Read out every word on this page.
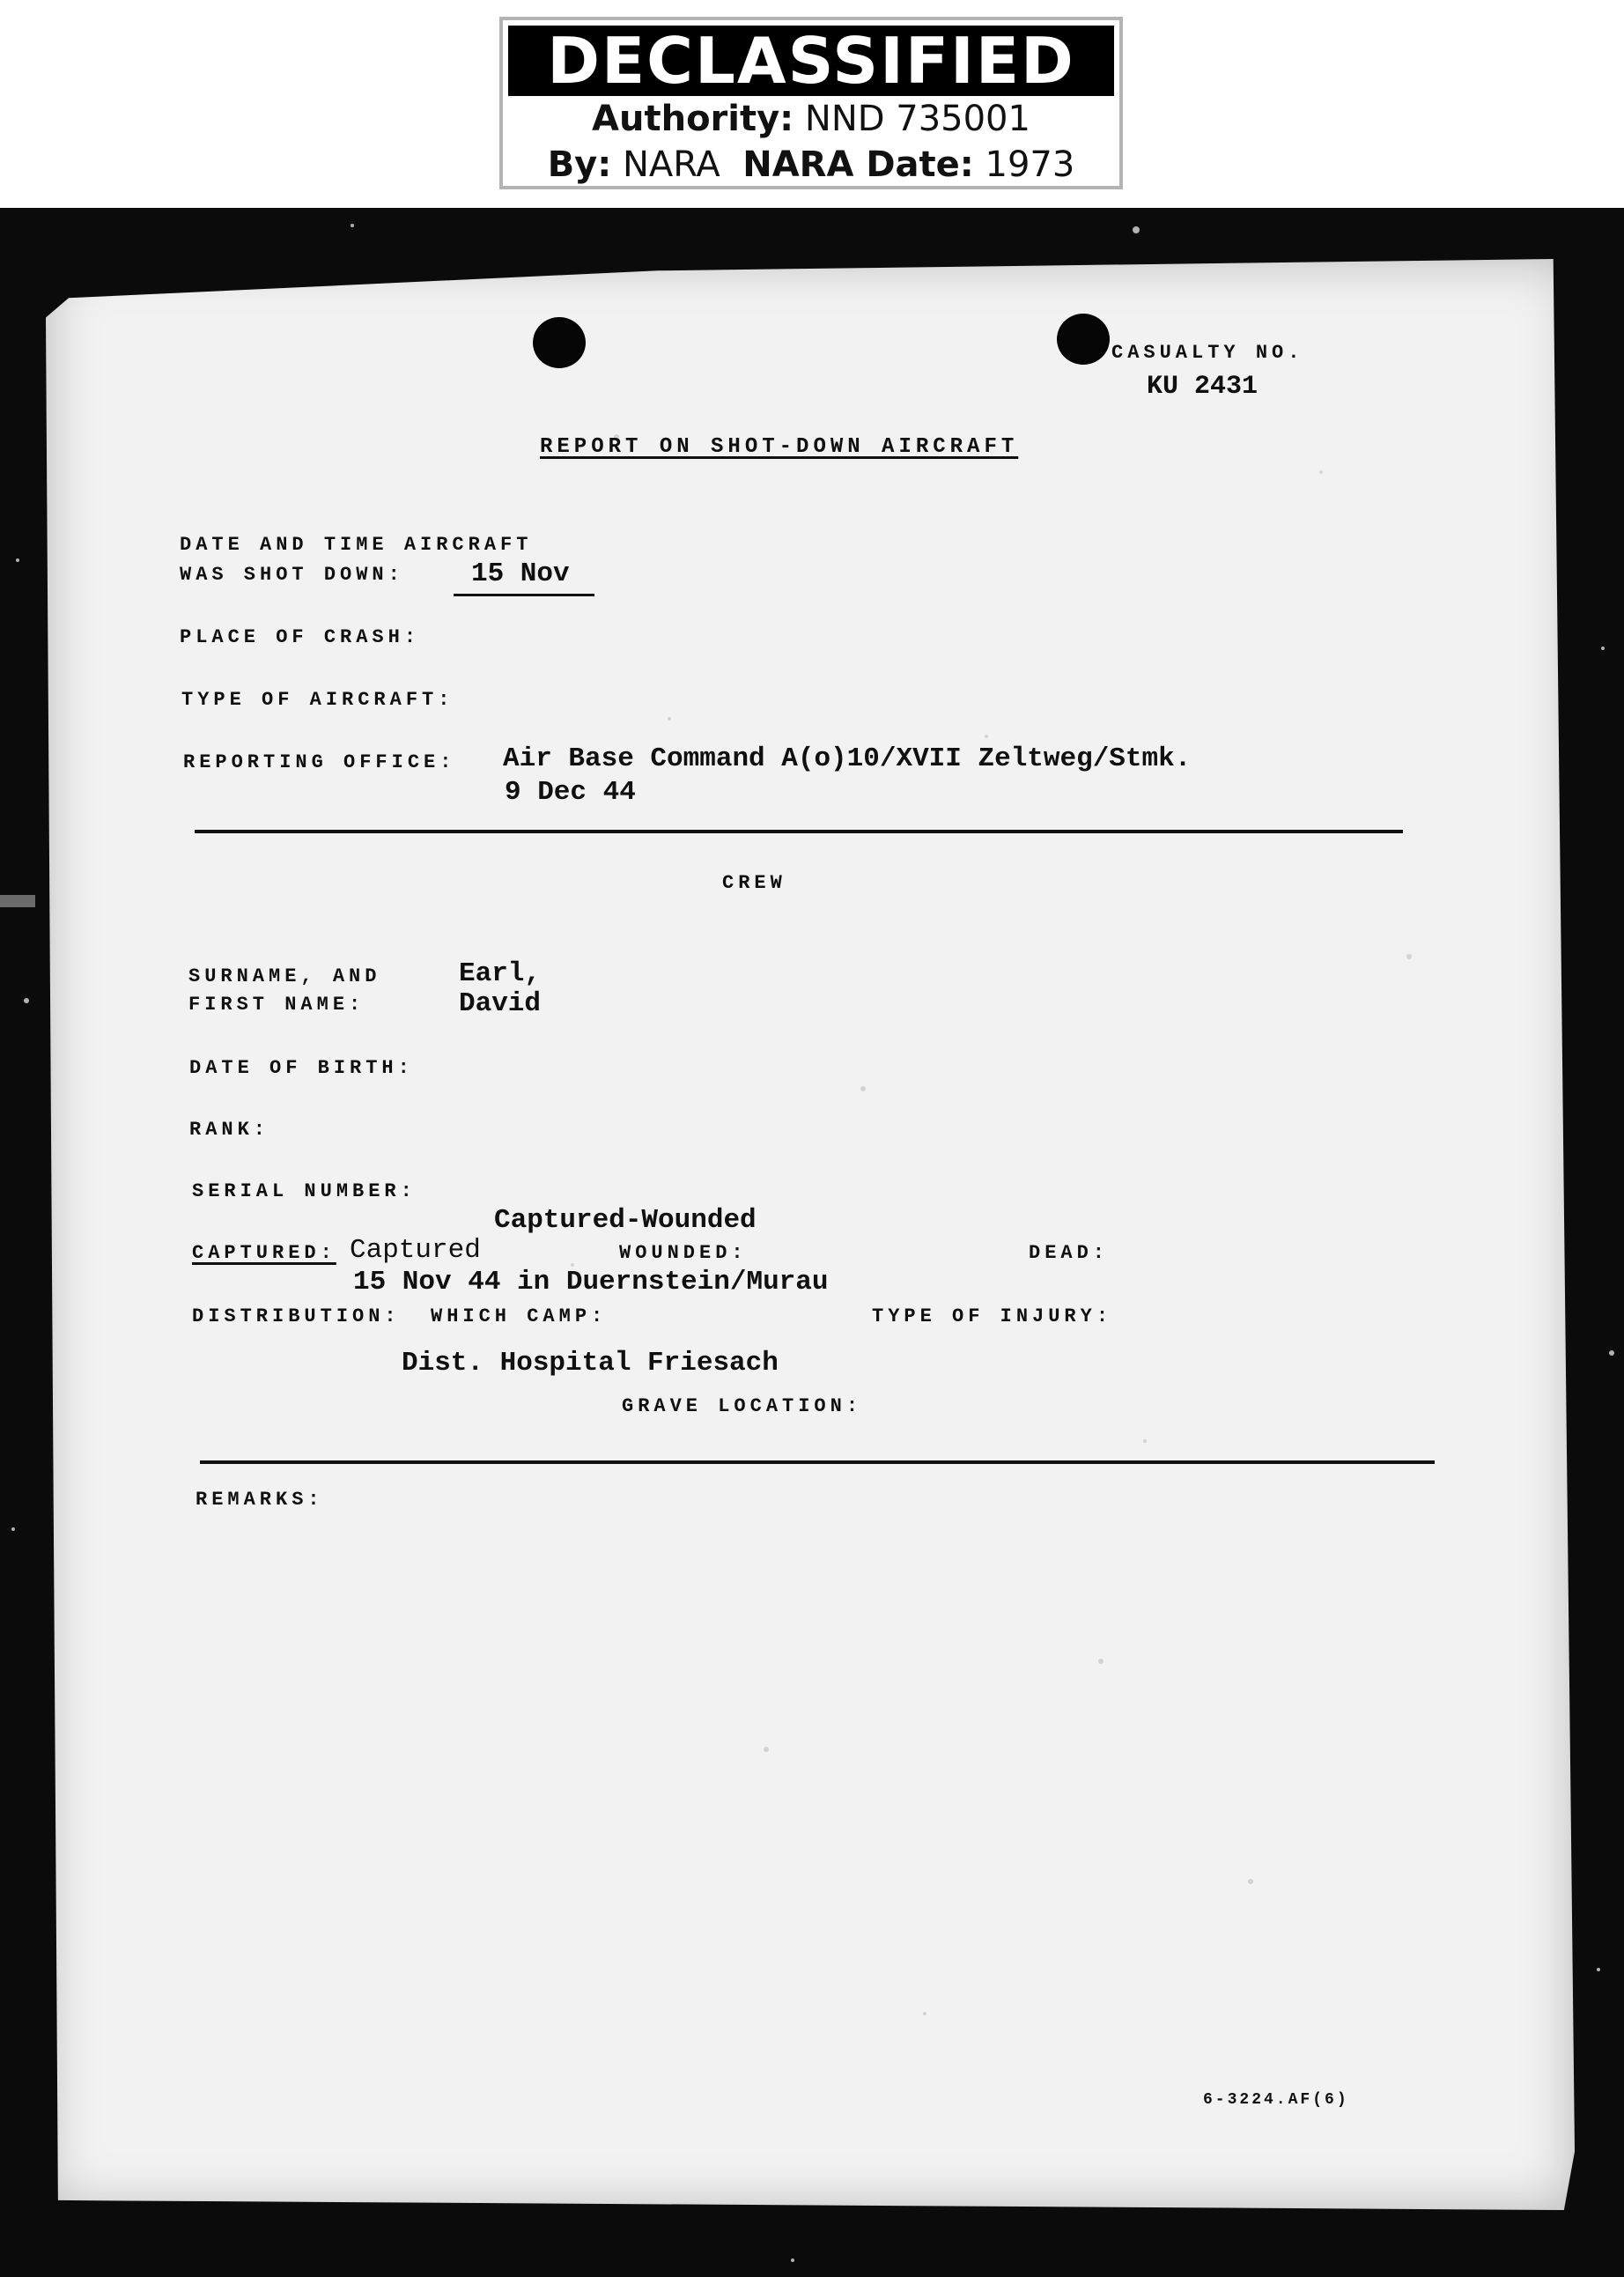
DECLASSIFIED
Authority: NND 735001
By: NARA NARA Date: 1973
CASUALTY NO.
KU 2431
REPORT ON SHOT-DOWN AIRCRAFT
DATE AND TIME AIRCRAFT
WAS SHOT DOWN: 15 Nov
PLACE OF CRASH:
TYPE OF AIRCRAFT:
REPORTING OFFICE: Air Base Command A(o)10/XVII Zeltweg/Stmk.
9 Dec 44
CREW
SURNAME, AND
FIRST NAME:
Earl,
David
DATE OF BIRTH:
RANK:
SERIAL NUMBER:
Captured-Wounded
CAPTURED: Captured	WOUNDED:	DEAD:
15 Nov 44 in Duernstein/Murau
DISTRIBUTION: WHICH CAMP:	TYPE OF INJURY:
Dist. Hospital Friesach
GRAVE LOCATION:
REMARKS:
6-3224.AF(6)
